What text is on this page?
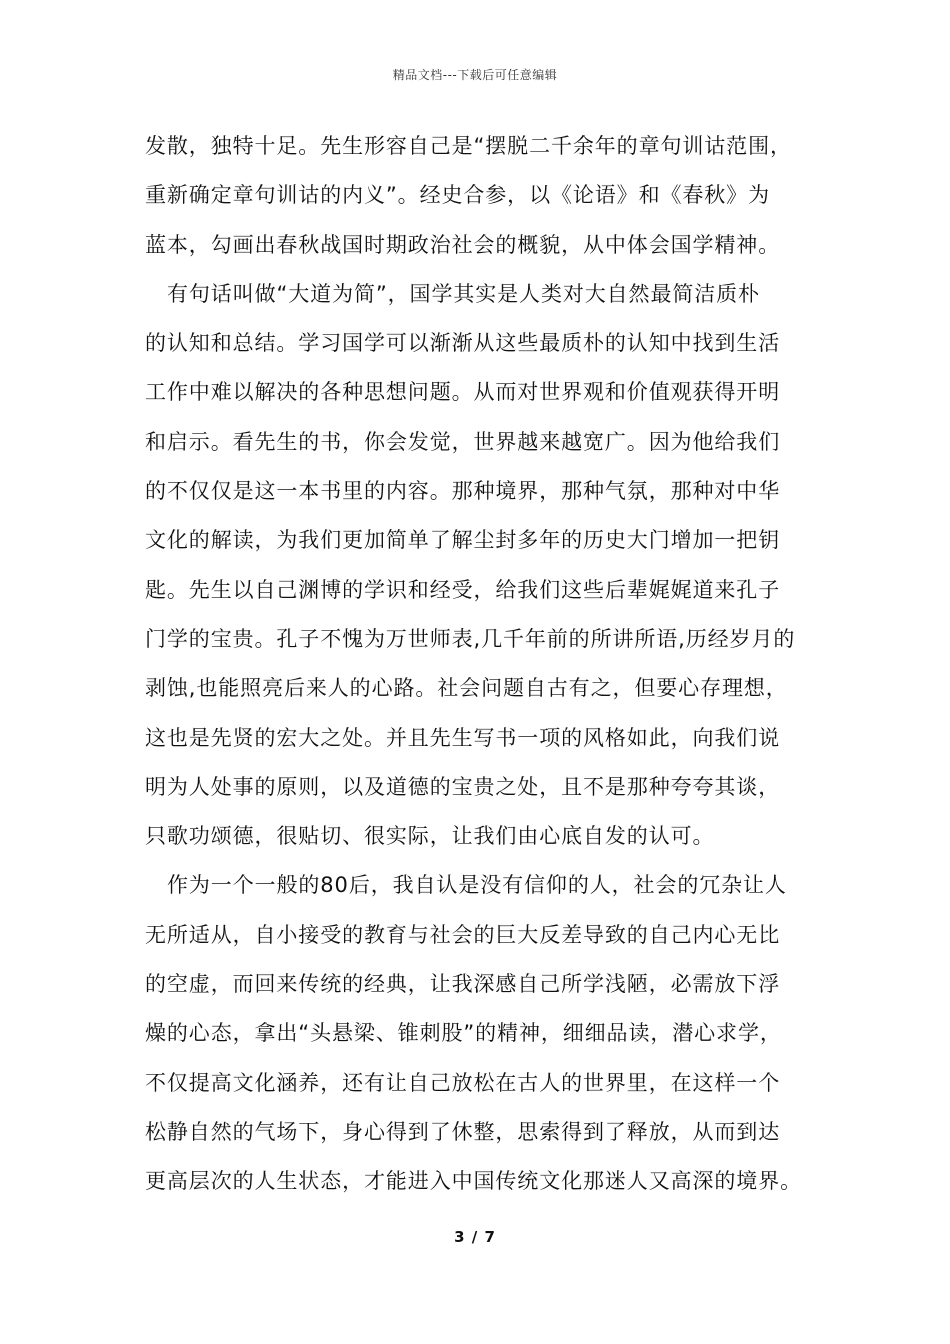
精品文档---下载后可任意编辑
发散，独特十足。先生形容自己是“摆脱二千余年的章句训诂范围，
重新确定章句训诂的内义”。经史合参，以《论语》和《春秋》为
蓝本，勾画出春秋战国时期政治社会的概貌，从中体会国学精神。
有句话叫做“大道为简”，国学其实是人类对大自然最简洁质朴
的认知和总结。学习国学可以渐渐从这些最质朴的认知中找到生活
工作中难以解决的各种思想问题。从而对世界观和价值观获得开明
和启示。看先生的书，你会发觉，世界越来越宽广。因为他给我们
的不仅仅是这一本书里的内容。那种境界，那种气氛，那种对中华
文化的解读，为我们更加简单了解尘封多年的历史大门增加一把钥
匙。先生以自己渊博的学识和经受，给我们这些后辈娓娓道来孔子
门学的宝贵。孔子不愧为万世师表,几千年前的所讲所语,历经岁月的
剥蚀,也能照亮后来人的心路。社会问题自古有之，但要心存理想，
这也是先贤的宏大之处。并且先生写书一项的风格如此，向我们说
明为人处事的原则，以及道德的宝贵之处，且不是那种夸夸其谈，
只歌功颂德，很贴切、很实际，让我们由心底自发的认可。
作为一个一般的80后，我自认是没有信仰的人，社会的冗杂让人
无所适从，自小接受的教育与社会的巨大反差导致的自己内心无比
的空虚，而回来传统的经典，让我深感自己所学浅陋，必需放下浮
燥的心态，拿出“头悬梁、锥刺股”的精神，细细品读，潜心求学，
不仅提高文化涵养，还有让自己放松在古人的世界里，在这样一个
松静自然的气场下，身心得到了休整，思索得到了释放，从而到达
更高层次的人生状态，才能进入中国传统文化那迷人又高深的境界。
3 / 7
